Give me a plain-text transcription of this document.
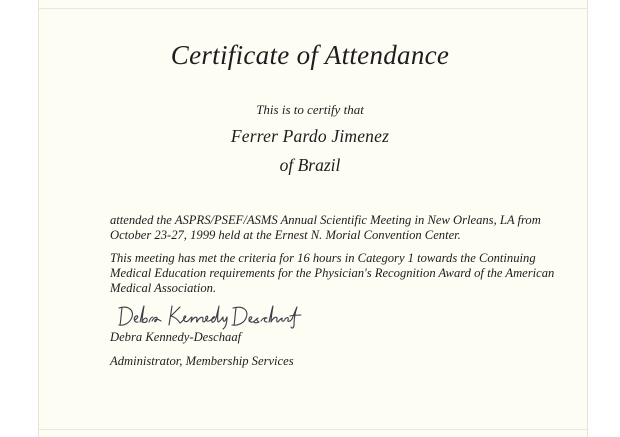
Certificate of Attendance
This is to certify that
Ferrer Pardo Jimenez
of Brazil
attended the ASPRS/PSEF/ASMS Annual Scientific Meeting in New Orleans, LA from October 23-27, 1999 held at the Ernest N. Morial Convention Center.
This meeting has met the criteria for 16 hours in Category 1 towards the Continuing Medical Education requirements for the Physician's Recognition Award of the American Medical Association.
Debra Kennedy-Deschaaf
Administrator, Membership Services
